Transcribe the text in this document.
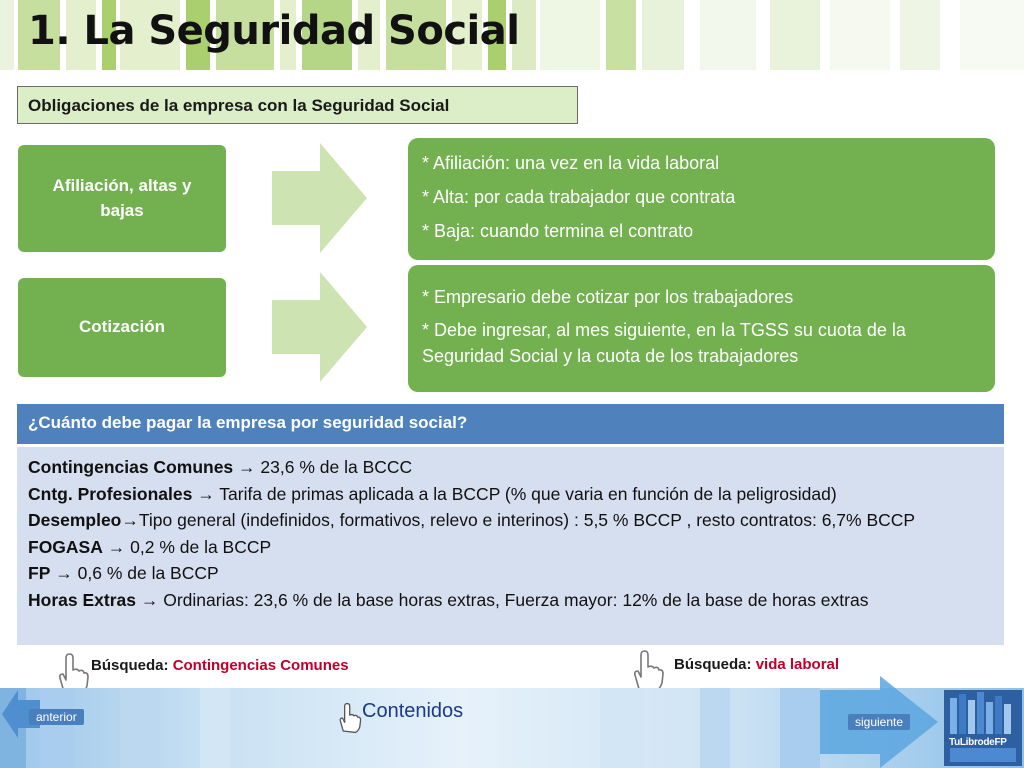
1. La Seguridad Social
Obligaciones de la empresa con la Seguridad Social
Afiliación, altas y
bajas
* Afiliación: una vez en la vida laboral
* Alta: por cada trabajador que contrata
* Baja: cuando termina el contrato
Cotización
* Empresario debe cotizar por los trabajadores
* Debe ingresar, al mes siguiente, en la TGSS su cuota de la Seguridad Social y la cuota de los trabajadores
¿Cuánto debe pagar la empresa por seguridad social?
Contingencias Comunes → 23,6 % de la BCCC
Cntg. Profesionales → Tarifa de primas aplicada a la BCCP (% que varia en función de la peligrosidad)
Desempleo→Tipo general (indefinidos, formativos, relevo e interinos) : 5,5 % BCCP , resto contratos: 6,7% BCCP
FOGASA → 0,2 % de la BCCP
FP → 0,6 % de la BCCP
Horas Extras → Ordinarias: 23,6 % de la base horas extras, Fuerza mayor: 12% de la base de horas extras
Búsqueda: Contingencias Comunes	Búsqueda: vida laboral
anterior	Contenidos	siguiente
TuLibrodeFP
